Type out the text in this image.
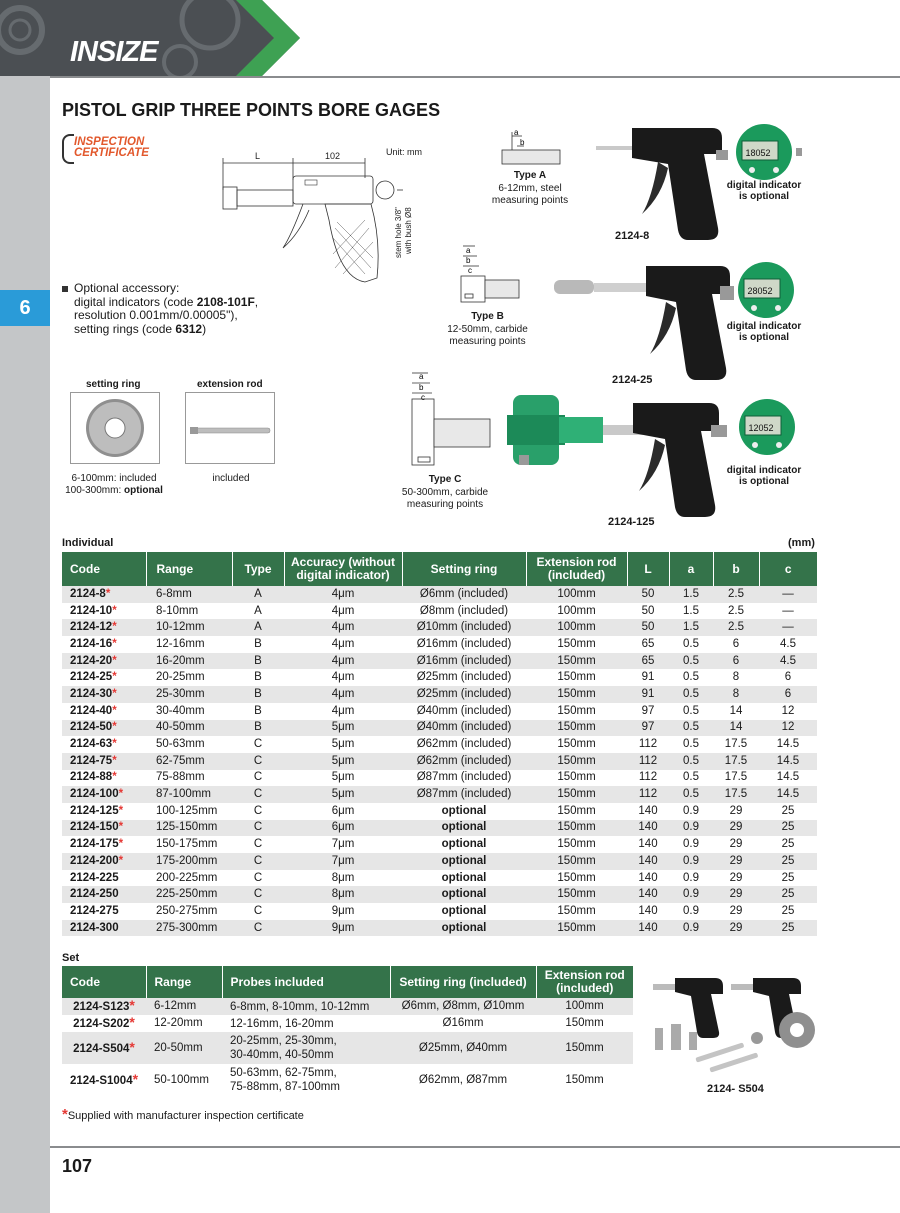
6
INSIZE
PISTOL GRIP THREE POINTS BORE GAGES
INSPECTION
CERTIFICATE	Unit: mm
L	102
stem hole 3/8" with bush Ø8
Optional accessory:
digital indicators (code 2108-101F,
resolution 0.001mm/0.00005"),
setting rings (code 6312)
a
b
Type A
6-12mm, steel
measuring points
a
b
c
Type B
12-50mm, carbide
measuring points
a
b
c
Type C
50-300mm, carbide
measuring points
18052
digital indicator
is optional
2124-8
28052
digital indicator
is optional
2124-25
12052
digital indicator
is optional
2124-125
setting ring
6-100mm: included
100-300mm: optional
extension rod
included
Individual	(mm)
Code	Range	Type	Accuracy (without digital indicator)	Setting ring	Extension rod (included)	L	a	b	c
2124-8*	6-8mm	A	4μm	Ø6mm (included)	100mm	50	1.5	2.5	—
2124-10*	8-10mm	A	4μm	Ø8mm (included)	100mm	50	1.5	2.5	—
2124-12*	10-12mm	A	4μm	Ø10mm (included)	100mm	50	1.5	2.5	—
2124-16*	12-16mm	B	4μm	Ø16mm (included)	150mm	65	0.5	6	4.5
2124-20*	16-20mm	B	4μm	Ø16mm (included)	150mm	65	0.5	6	4.5
2124-25*	20-25mm	B	4μm	Ø25mm (included)	150mm	91	0.5	8	6
2124-30*	25-30mm	B	4μm	Ø25mm (included)	150mm	91	0.5	8	6
2124-40*	30-40mm	B	4μm	Ø40mm (included)	150mm	97	0.5	14	12
2124-50*	40-50mm	B	5μm	Ø40mm (included)	150mm	97	0.5	14	12
2124-63*	50-63mm	C	5μm	Ø62mm (included)	150mm	112	0.5	17.5	14.5
2124-75*	62-75mm	C	5μm	Ø62mm (included)	150mm	112	0.5	17.5	14.5
2124-88*	75-88mm	C	5μm	Ø87mm (included)	150mm	112	0.5	17.5	14.5
2124-100*	87-100mm	C	5μm	Ø87mm (included)	150mm	112	0.5	17.5	14.5
2124-125*	100-125mm	C	6μm	optional	150mm	140	0.9	29	25
2124-150*	125-150mm	C	6μm	optional	150mm	140	0.9	29	25
2124-175*	150-175mm	C	7μm	optional	150mm	140	0.9	29	25
2124-200*	175-200mm	C	7μm	optional	150mm	140	0.9	29	25
2124-225	200-225mm	C	8μm	optional	150mm	140	0.9	29	25
2124-250	225-250mm	C	8μm	optional	150mm	140	0.9	29	25
2124-275	250-275mm	C	9μm	optional	150mm	140	0.9	29	25
2124-300	275-300mm	C	9μm	optional	150mm	140	0.9	29	25
Set
Code	Range	Probes included	Setting ring (included)	Extension rod (included)
2124-S123*	6-12mm	6-8mm, 8-10mm, 10-12mm	Ø6mm, Ø8mm, Ø10mm	100mm
2124-S202*	12-20mm	12-16mm, 16-20mm	Ø16mm	150mm
2124-S504*	20-50mm	20-25mm, 25-30mm,
30-40mm, 40-50mm	Ø25mm, Ø40mm	150mm
2124-S1004*	50-100mm	50-63mm, 62-75mm,
75-88mm, 87-100mm	Ø62mm, Ø87mm	150mm
2124- S504
*Supplied with manufacturer inspection certificate
107
